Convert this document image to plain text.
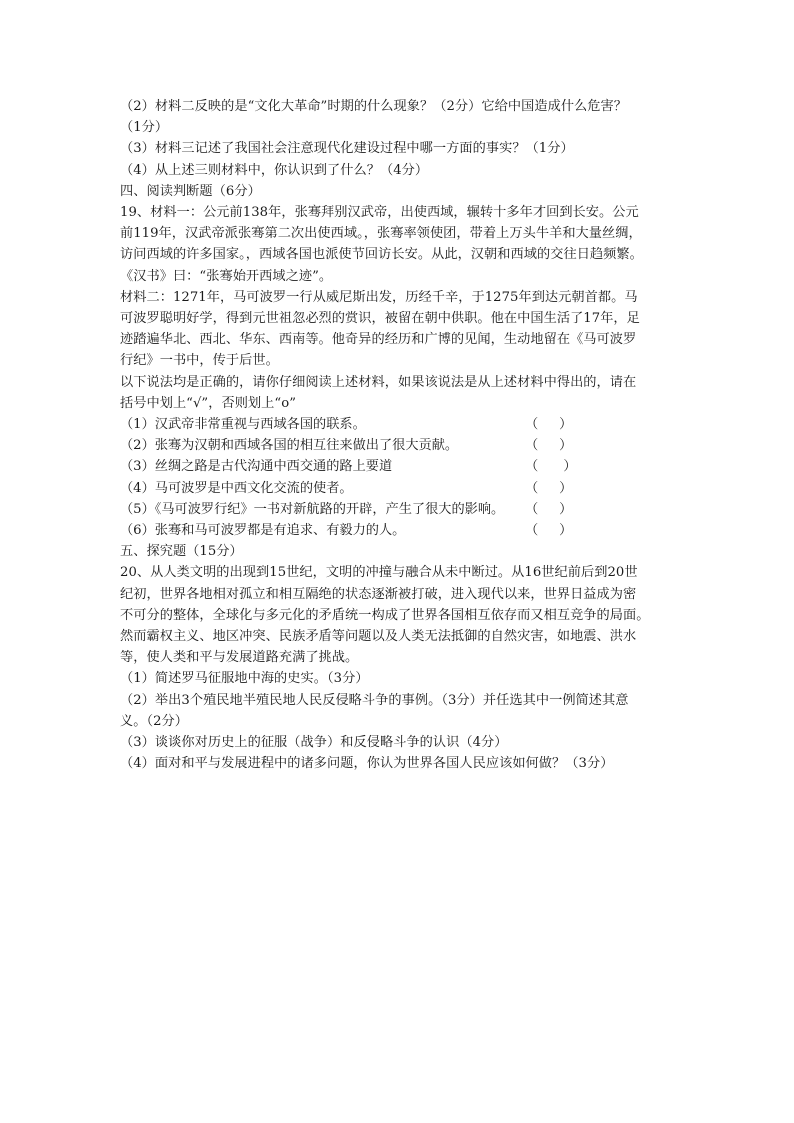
（2）材料二反映的是“文化大革命”时期的什么现象？（2分）它给中国造成什么危害？
（1分）
（3）材料三记述了我国社会注意现代化建设过程中哪一方面的事实？（1分）
（4）从上述三则材料中，你认识到了什么？（4分）
四、阅读判断题（6分）
19、材料一：公元前138年，张骞拜别汉武帝，出使西域，辗转十多年才回到长安。公元
前119年，汉武帝派张骞第二次出使西域。，张骞率领使团，带着上万头牛羊和大量丝绸，
访问西域的许多国家。，西域各国也派使节回访长安。从此，汉朝和西域的交往日趋频繁。
《汉书》曰：“张骞始开西域之迹”。
材料二：1271年，马可波罗一行从威尼斯出发，历经千辛，于1275年到达元朝首都。马
可波罗聪明好学，得到元世祖忽必烈的赏识，被留在朝中供职。他在中国生活了17年，足
迹踏遍华北、西北、华东、西南等。他奇异的经历和广博的见闻，生动地留在《马可波罗
行纪》一书中，传于后世。
以下说法均是正确的，请你仔细阅读上述材料，如果该说法是从上述材料中得出的，请在
括号中划上“√”，否则划上“o”
（1）汉武帝非常重视与西域各国的联系。	（     ）
（2）张骞为汉朝和西域各国的相互往来做出了很大贡献。	（     ）
（3）丝绸之路是古代沟通中西交通的路上要道	（      ）
（4）马可波罗是中西文化交流的使者。	（     ）
（5）《马可波罗行纪》一书对新航路的开辟，产生了很大的影响。 （     ）
（6）张骞和马可波罗都是有追求、有毅力的人。	（     ）
五、探究题（15分）
20、从人类文明的出现到15世纪，文明的冲撞与融合从未中断过。从16世纪前后到20世
纪初，世界各地相对孤立和相互隔绝的状态逐渐被打破，进入现代以来，世界日益成为密
不可分的整体，全球化与多元化的矛盾统一构成了世界各国相互依存而又相互竞争的局面。
然而霸权主义、地区冲突、民族矛盾等问题以及人类无法抵御的自然灾害，如地震、洪水
等，使人类和平与发展道路充满了挑战。
（1）简述罗马征服地中海的史实。（3分）
（2）举出3个殖民地半殖民地人民反侵略斗争的事例。（3分）并任选其中一例简述其意
义。（2分）
（3）谈谈你对历史上的征服（战争）和反侵略斗争的认识（4分）
（4）面对和平与发展进程中的诸多问题，你认为世界各国人民应该如何做？（3分）
